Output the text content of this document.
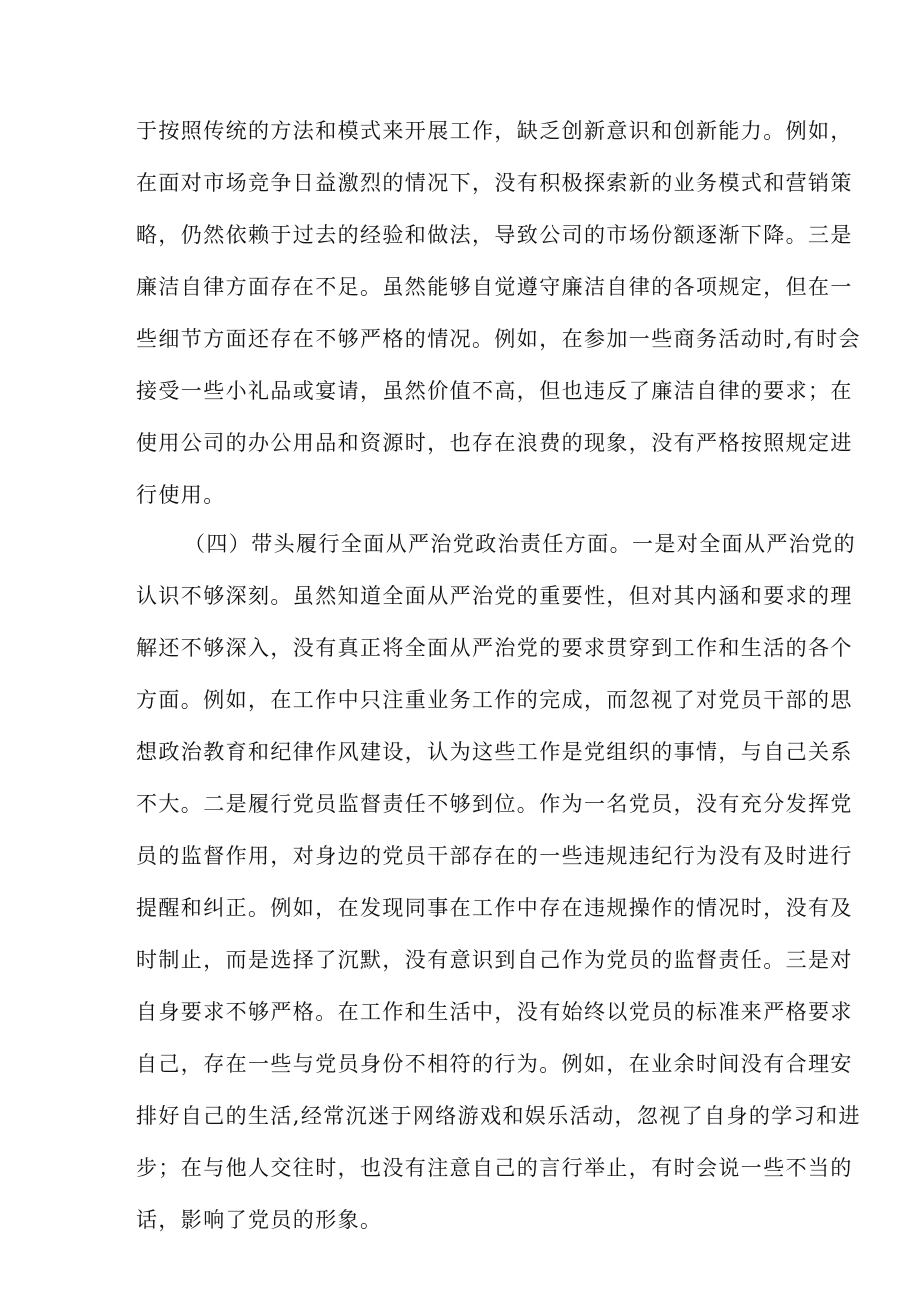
于按照传统的方法和模式来开展工作，缺乏创新意识和创新能力。例如，
在面对市场竞争日益激烈的情况下，没有积极探索新的业务模式和营销策
略，仍然依赖于过去的经验和做法，导致公司的市场份额逐渐下降。三是
廉洁自律方面存在不足。虽然能够自觉遵守廉洁自律的各项规定，但在一
些细节方面还存在不够严格的情况。例如，在参加一些商务活动时,有时会
接受一些小礼品或宴请，虽然价值不高，但也违反了廉洁自律的要求；在
使用公司的办公用品和资源时，也存在浪费的现象，没有严格按照规定进
行使用。
（四）带头履行全面从严治党政治责任方面。一是对全面从严治党的
认识不够深刻。虽然知道全面从严治党的重要性，但对其内涵和要求的理
解还不够深入，没有真正将全面从严治党的要求贯穿到工作和生活的各个
方面。例如，在工作中只注重业务工作的完成，而忽视了对党员干部的思
想政治教育和纪律作风建设，认为这些工作是党组织的事情，与自己关系
不大。二是履行党员监督责任不够到位。作为一名党员，没有充分发挥党
员的监督作用，对身边的党员干部存在的一些违规违纪行为没有及时进行
提醒和纠正。例如，在发现同事在工作中存在违规操作的情况时，没有及
时制止，而是选择了沉默，没有意识到自己作为党员的监督责任。三是对
自身要求不够严格。在工作和生活中，没有始终以党员的标准来严格要求
自己，存在一些与党员身份不相符的行为。例如，在业余时间没有合理安
排好自己的生活,经常沉迷于网络游戏和娱乐活动，忽视了自身的学习和进
步；在与他人交往时，也没有注意自己的言行举止，有时会说一些不当的
话，影响了党员的形象。
